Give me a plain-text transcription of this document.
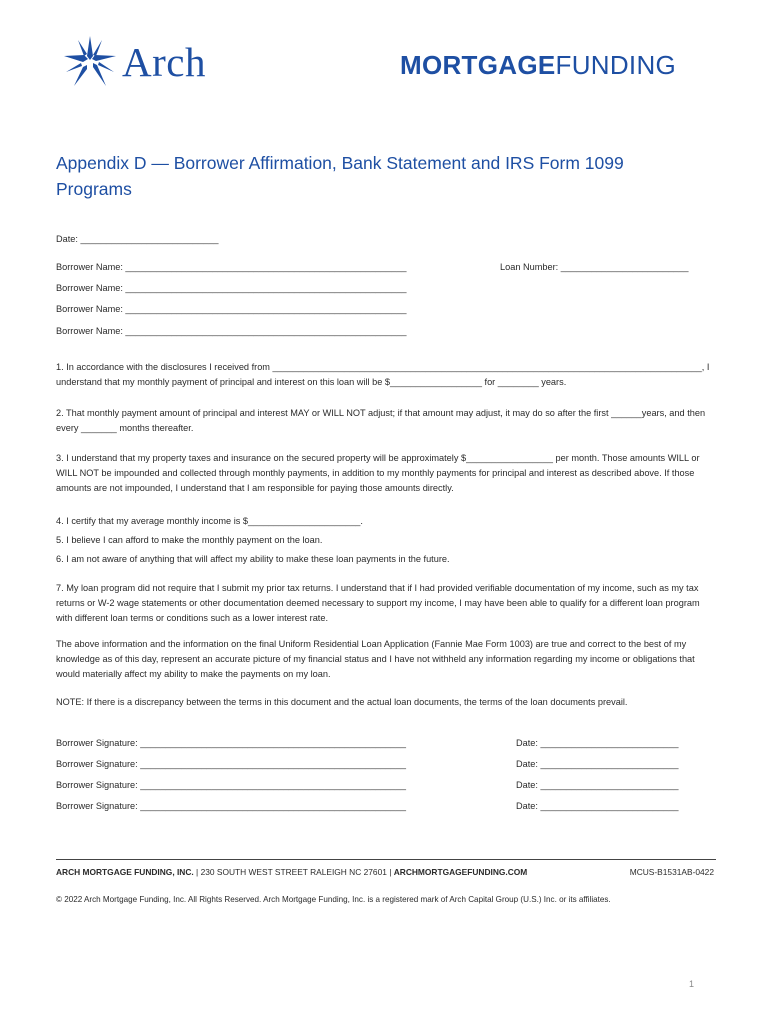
Arch	MORTGAGEFUNDING
Appendix D — Borrower Affirmation, Bank Statement and IRS Form 1099 Programs
Date: ___________________________
Borrower Name: _______________________________________________________	Loan Number: _________________________
Borrower Name: _______________________________________________________
Borrower Name: _______________________________________________________
Borrower Name: _______________________________________________________

1. In accordance with the disclosures I received from ____________________________________________________________________________________, I understand that my monthly payment of principal and interest on this loan will be $__________________ for ________ years.

2. That monthly payment amount of principal and interest MAY or WILL NOT adjust; if that amount may adjust, it may do so after the first ______years, and then every _______ months thereafter.

3. I understand that my property taxes and insurance on the secured property will be approximately $_________________ per month. Those amounts WILL or WILL NOT be impounded and collected through monthly payments, in addition to my monthly payments for principal and interest as described above. If those amounts are not impounded, I understand that I am responsible for paying those amounts directly.

4. I certify that my average monthly income is $______________________.

5. I believe I can afford to make the monthly payment on the loan.

6. I am not aware of anything that will affect my ability to make these loan payments in the future.

7. My loan program did not require that I submit my prior tax returns. I understand that if I had provided verifiable documentation of my income, such as my tax returns or W-2 wage statements or other documentation deemed necessary to support my income, I may have been able to qualify for a different loan program with different loan terms or conditions such as a lower interest rate.

The above information and the information on the final Uniform Residential Loan Application (Fannie Mae Form 1003) are true and correct to the best of my knowledge as of this day, represent an accurate picture of my financial status and I have not withheld any information regarding my income or obligations that would materially affect my ability to make the payments on my loan.

NOTE: If there is a discrepancy between the terms in this document and the actual loan documents, the terms of the loan documents prevail.

Borrower Signature: ____________________________________________________	Date: ___________________________
Borrower Signature: ____________________________________________________	Date: ___________________________
Borrower Signature: ____________________________________________________	Date: ___________________________
Borrower Signature: ____________________________________________________	Date: ___________________________
ARCH MORTGAGE FUNDING, INC. | 230 SOUTH WEST STREET RALEIGH NC 27601 | ARCHMORTGAGEFUNDING.COM	MCUS-B1531AB-0422
© 2022 Arch Mortgage Funding, Inc. All Rights Reserved. Arch Mortgage Funding, Inc. is a registered mark of Arch Capital Group (U.S.) Inc. or its affiliates.
1
